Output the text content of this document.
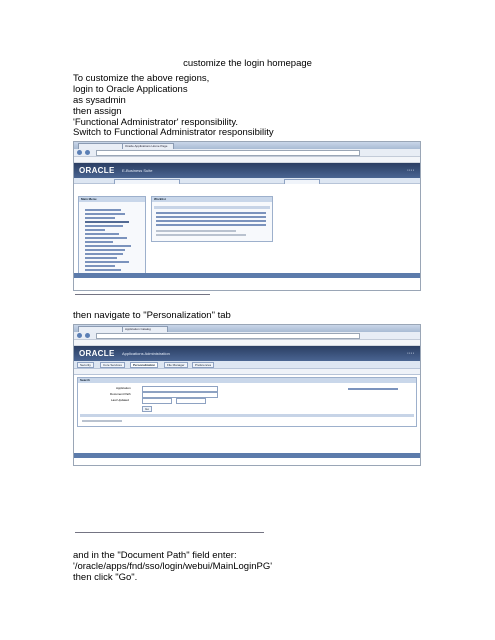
customize the login homepage
To customize the above regions,
login to Oracle Applications
as sysadmin
then assign
'Functional Administrator' responsibility.
Switch to Functional Administrator responsibility
Oracle Applications Home Page
ORACLE E-Business Suite	▪ ▪ ▪ ▪
Main Menu	Worklist
▬▬▬▬▬▬▬▬▬▬▬▬▬▬▬▬▬▬▬▬▬▬▬▬▬▬▬▬▬▬▬▬▬▬▬▬▬▬▬▬▬▬▬▬▬
then navigate to "Personalization" tab
Application Catalog
ORACLE Applications Administration	▪ ▪ ▪ ▪
Security	Core Services	Personalization	File Manager	Preferences
Search
Application
Document Path
Last Updated
Go
▬▬▬▬▬▬▬▬▬▬▬▬▬▬▬▬▬▬▬▬▬▬▬▬▬▬▬▬▬▬▬▬▬▬▬▬▬▬▬▬▬▬▬▬▬▬▬▬▬▬▬▬▬▬▬▬▬▬▬▬▬▬▬
and in the "Document Path" field enter:
'/oracle/apps/fnd/sso/login/webui/MainLoginPG'
then click "Go".
